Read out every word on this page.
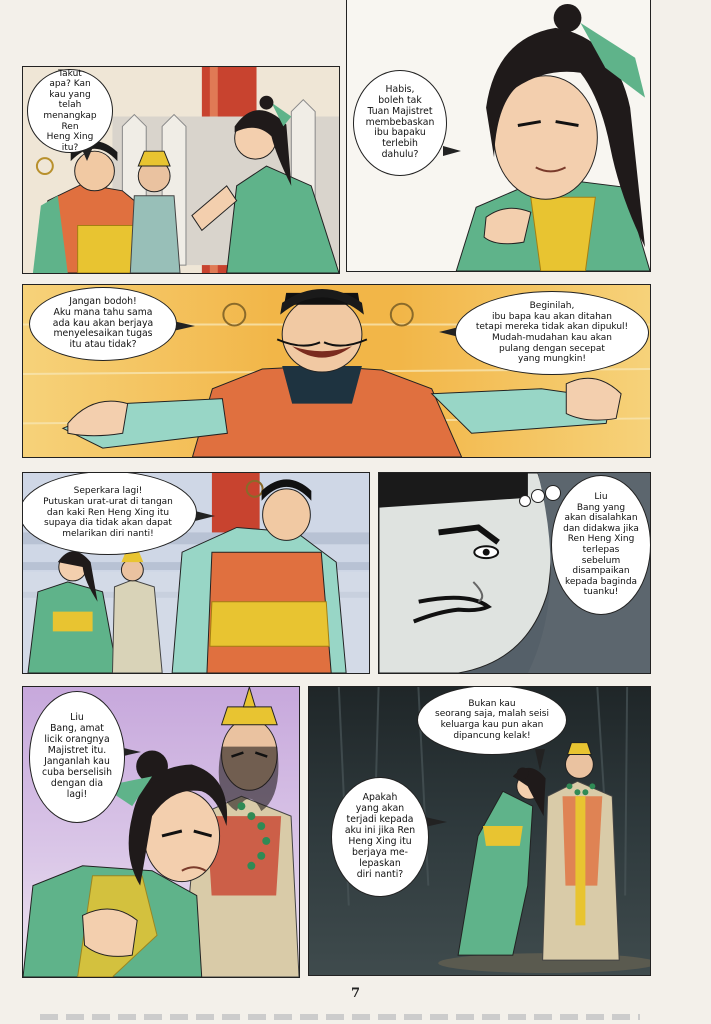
Takut
apa? Kan
kau yang telah
menangkap Ren
Heng Xing
itu?
Habis,
boleh tak
Tuan Majistret
membebaskan
ibu bapaku
terlebih
dahulu?
Jangan bodoh!
Aku mana tahu sama
ada kau akan berjaya
menyelesaikan tugas
itu atau tidak?
Beginilah,
ibu bapa kau akan ditahan
tetapi mereka tidak akan dipukul!
Mudah-mudahan kau akan
pulang dengan secepat
yang mungkin!
Seperkara lagi!
Putuskan urat-urat di tangan
dan kaki Ren Heng Xing itu
supaya dia tidak akan dapat
melarikan diri nanti!
Liu
Bang yang
akan disalahkan
dan didakwa jika
Ren Heng Xing
terlepas sebelum
disampaikan
kepada baginda
tuanku!
Liu
Bang, amat
licik orangnya
Majistret itu.
Janganlah kau
cuba berselisih
dengan dia
lagi!
Bukan kau
seorang saja, malah seisi
keluarga kau pun akan
dipancung kelak!
Apakah
yang akan
terjadi kepada
aku ini jika Ren
Heng Xing itu
berjaya me-
lepaskan
diri nanti?
7
